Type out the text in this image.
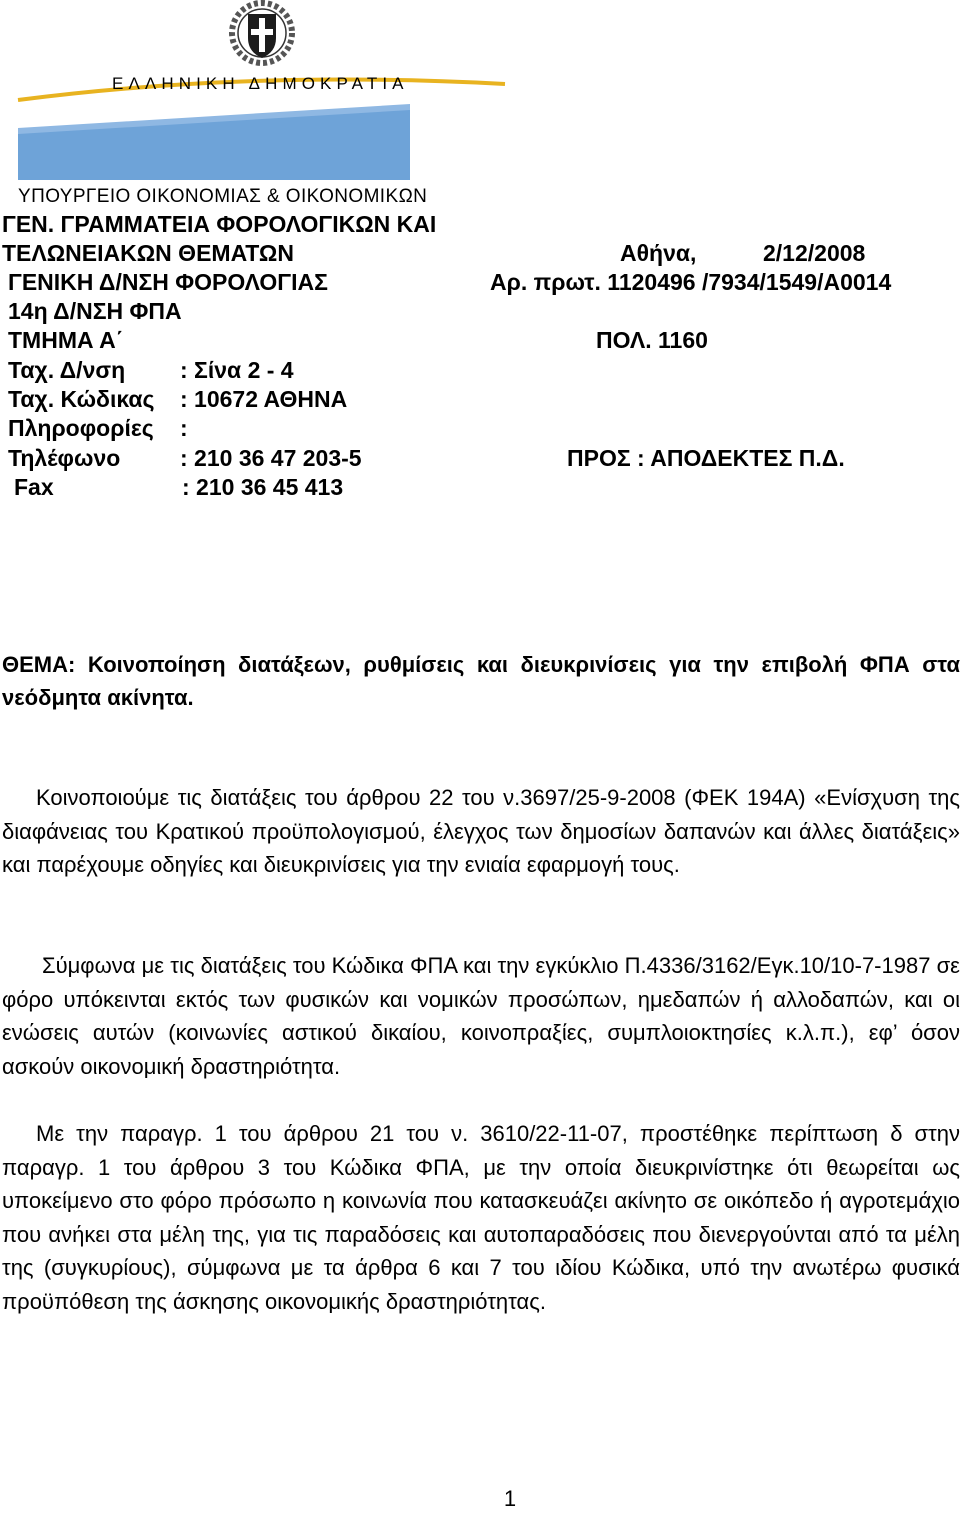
ΕΛΛΗΝΙΚΗ ΔΗΜΟΚΡΑΤΙΑ
ΥΠΟΥΡΓΕΙΟ ΟΙΚΟΝΟΜΙΑΣ & ΟΙΚΟΝΟΜΙΚΩΝ
ΓΕΝ. ΓΡΑΜΜΑΤΕΙΑ ΦΟΡΟΛΟΓΙΚΩΝ ΚΑΙ
ΤΕΛΩΝΕΙΑΚΩΝ ΘΕΜΑΤΩΝ
ΓΕΝΙΚΗ Δ/ΝΣΗ ΦΟΡΟΛΟΓΙΑΣ
14η Δ/ΝΣΗ ΦΠΑ
ΤΜΗΜΑ Α΄
Ταχ. Δ/νση : Σίνα 2 - 4
Ταχ. Κώδικας : 10672 ΑΘΗΝΑ
Πληροφορίες :
Τηλέφωνο	: 210 36 47 203-5
Fax	: 210 36 45 413
Αθήνα,	2/12/2008
Αρ. πρωτ. 1120496 /7934/1549/Α0014
ΠΟΛ. 1160
ΠΡΟΣ : ΑΠΟΔΕΚΤΕΣ Π.Δ.
ΘΕΜΑ: Κοινοποίηση διατάξεων, ρυθμίσεις και διευκρινίσεις για την επιβολή ΦΠΑ στα νεόδμητα ακίνητα.
Κοινοποιούμε τις διατάξεις του άρθρου 22 του ν.3697/25-9-2008 (ΦΕΚ 194Α) «Ενίσχυση της διαφάνειας του Κρατικού προϋπολογισμού, έλεγχος των δημοσίων δαπανών και άλλες διατάξεις» και παρέχουμε οδηγίες και διευκρινίσεις για την ενιαία εφαρμογή τους.
Σύμφωνα με τις διατάξεις του Κώδικα ΦΠΑ και την εγκύκλιο Π.4336/3162/Εγκ.10/10-7-1987 σε φόρο υπόκεινται εκτός των φυσικών και νομικών προσώπων, ημεδαπών ή αλλοδαπών, και οι ενώσεις αυτών (κοινωνίες αστικού δικαίου, κοινοπραξίες, συμπλοιοκτησίες κ.λ.π.), εφ’ όσον ασκούν οικονομική δραστηριότητα.
Με την παραγρ. 1 του άρθρου 21 του ν. 3610/22-11-07, προστέθηκε περίπτωση δ στην παραγρ. 1 του άρθρου 3 του Κώδικα ΦΠΑ, με την οποία διευκρινίστηκε ότι θεωρείται ως υποκείμενο στο φόρο πρόσωπο η κοινωνία που κατασκευάζει ακίνητο σε οικόπεδο ή αγροτεμάχιο που ανήκει στα μέλη της, για τις παραδόσεις και αυτοπαραδόσεις που διενεργούνται από τα μέλη της (συγκυρίους), σύμφωνα με τα άρθρα 6 και 7 του ιδίου Κώδικα, υπό την ανωτέρω φυσικά προϋπόθεση της άσκησης οικονομικής δραστηριότητας.
1
